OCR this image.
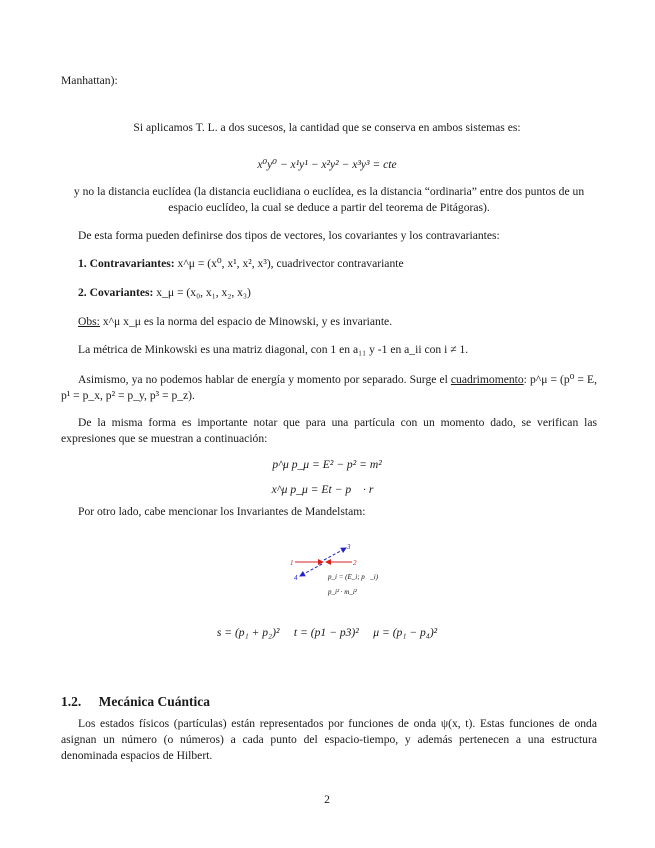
Manhattan):
Si aplicamos T. L. a dos sucesos, la cantidad que se conserva en ambos sistemas es:
x⁰y⁰ − x¹y¹ − x²y² − x³y³ = cte
y no la distancia euclídea (la distancia euclidiana o euclídea, es la distancia “ordinaria” entre dos puntos de un espacio euclídeo, la cual se deduce a partir del teorema de Pitágoras).
De esta forma pueden definirse dos tipos de vectores, los covariantes y los contravariantes:
1. Contravariantes: x^μ = (x⁰, x¹, x², x³), cuadrivector contravariante
2. Covariantes: x_μ = (x₀, x₁, x₂, x₃)
Obs: x^μ x_μ es la norma del espacio de Minowski, y es invariante.
La métrica de Minkowski es una matriz diagonal, con 1 en a₁₁ y -1 en a_ii con i ≠ 1.
Asimismo, ya no podemos hablar de energía y momento por separado. Surge el cuadrimomento: p^μ = (p⁰ = E, p¹ = p_x, p² = p_y, p³ = p_z).
De la misma forma es importante notar que para una partícula con un momento dado, se verifican las expresiones que se muestran a continuación:
p^μ p_μ = E² − p² = m²
x^μ p_μ = Et − p⃗ · r⃗
Por otro lado, cabe mencionar los Invariantes de Mandelstam:
1	2
3
4	p_i = (E_i; p⃗_i)
p_i² · m_i²
s = (p₁ + p₂)²     t = (p1 − p3)²     μ = (p₁ − p₄)²
1.2. Mecánica Cuántica
Los estados físicos (partículas) están representados por funciones de onda ψ(x, t). Estas funciones de onda asignan un número (o números) a cada punto del espacio-tiempo, y además pertenecen a una estructura denominada espacios de Hilbert.
2
